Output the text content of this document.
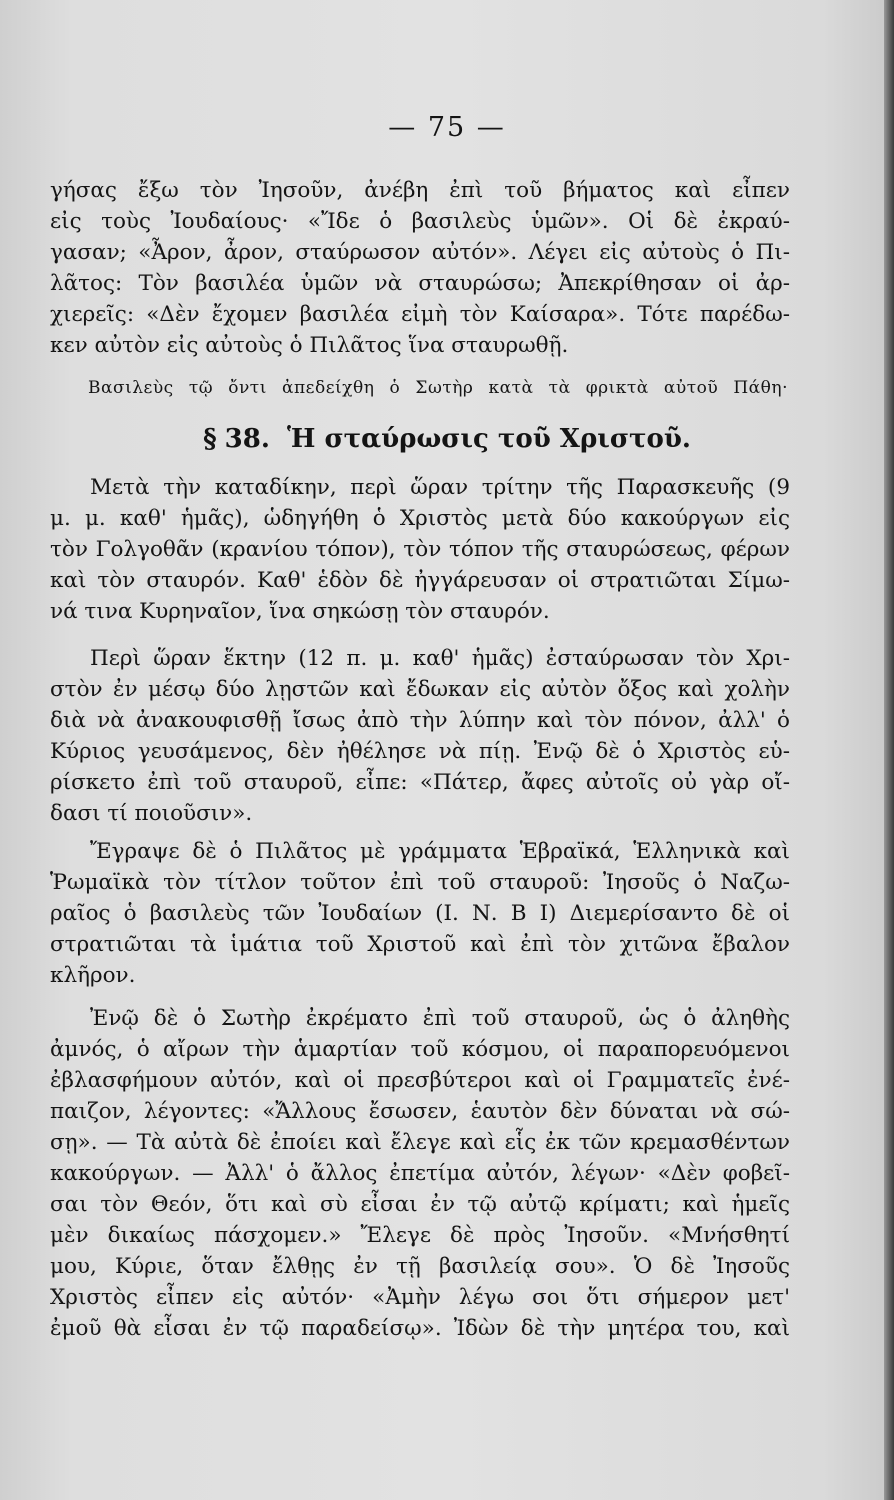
— 75 —
γήσας ἔξω τὸν Ἰησοῦν, ἀνέβη ἐπὶ τοῦ βήματος καὶ εἶπεν
εἰς τοὺς Ἰουδαίους· «Ἴδε ὁ βασιλεὺς ὑμῶν». Οἱ δὲ ἐκραύ-
γασαν; «Ἆρον, ἆρον, σταύρωσον αὐτόν». Λέγει εἰς αὐτοὺς ὁ Πι-
λᾶτος: Τὸν βασιλέα ὑμῶν νὰ σταυρώσω; Ἀπεκρίθησαν οἱ ἀρ-
χιερεῖς: «Δὲν ἔχομεν βασιλέα εἰμὴ τὸν Καίσαρα». Τότε παρέδω-
κεν αὐτὸν εἰς αὐτοὺς ὁ Πιλᾶτος ἵνα σταυρωθῇ.
Βασιλεὺς τῷ ὄντι ἀπεδείχθη ὁ Σωτὴρ κατὰ τὰ φρικτὰ αὐτοῦ Πάθη·
§ 38. Ἡ σταύρωσις τοῦ Χριστοῦ.
Μετὰ τὴν καταδίκην, περὶ ὥραν τρίτην τῆς Παρασκευῆς (9
μ. μ. καθ' ἡμᾶς), ὡδηγήθη ὁ Χριστὸς μετὰ δύο κακούργων εἰς
τὸν Γολγοθᾶν (κρανίου τόπον), τὸν τόπον τῆς σταυρώσεως, φέρων
καὶ τὸν σταυρόν. Καθ' ἑδὸν δὲ ἠγγάρευσαν οἱ στρατιῶται Σίμω-
νά τινα Κυρηναῖον, ἵνα σηκώσῃ τὸν σταυρόν.
Περὶ ὥραν ἕκτην (12 π. μ. καθ' ἡμᾶς) ἐσταύρωσαν τὸν Χρι-
στὸν ἐν μέσῳ δύο λῃστῶν καὶ ἔδωκαν εἰς αὐτὸν ὄξος καὶ χολὴν
διὰ νὰ ἀνακουφισθῇ ἴσως ἀπὸ τὴν λύπην καὶ τὸν πόνον, ἀλλ' ὁ
Κύριος γευσάμενος, δὲν ἠθέλησε νὰ πίῃ. Ἐνῷ δὲ ὁ Χριστὸς εὑ-
ρίσκετο ἐπὶ τοῦ σταυροῦ, εἶπε: «Πάτερ, ἄφες αὐτοῖς οὐ γὰρ οἴ-
δασι τί ποιοῦσιν».
Ἔγραψε δὲ ὁ Πιλᾶτος μὲ γράμματα Ἑβραϊκά, Ἑλληνικὰ καὶ
Ῥωμαϊκὰ τὸν τίτλον τοῦτον ἐπὶ τοῦ σταυροῦ: Ἰησοῦς ὁ Ναζω-
ραῖος ὁ βασιλεὺς τῶν Ἰουδαίων (Ι. Ν. Β Ι) Διεμερίσαντο δὲ οἱ
στρατιῶται τὰ ἱμάτια τοῦ Χριστοῦ καὶ ἐπὶ τὸν χιτῶνα ἔβαλον
κλῆρον.
Ἐνῷ δὲ ὁ Σωτὴρ ἐκρέματο ἐπὶ τοῦ σταυροῦ, ὡς ὁ ἀληθὴς
ἀμνός, ὁ αἴρων τὴν ἁμαρτίαν τοῦ κόσμου, οἱ παραπορευόμενοι
ἐβλασφήμουν αὐτόν, καὶ οἱ πρεσβύτεροι καὶ οἱ Γραμματεῖς ἐνέ-
παιζον, λέγοντες: «Ἄλλους ἔσωσεν, ἑαυτὸν δὲν δύναται νὰ σώ-
σῃ». — Τὰ αὐτὰ δὲ ἐποίει καὶ ἔλεγε καὶ εἷς ἐκ τῶν κρεμασθέντων
κακούργων. — Ἀλλ' ὁ ἄλλος ἐπετίμα αὐτόν, λέγων· «Δὲν φοβεῖ-
σαι τὸν Θεόν, ὅτι καὶ σὺ εἶσαι ἐν τῷ αὐτῷ κρίματι; καὶ ἡμεῖς
μὲν δικαίως πάσχομεν.» Ἔλεγε δὲ πρὸς Ἰησοῦν. «Μνήσθητί
μου, Κύριε, ὅταν ἔλθῃς ἐν τῇ βασιλείᾳ σου». Ὁ δὲ Ἰησοῦς
Χριστὸς εἶπεν εἰς αὐτόν· «Ἀμὴν λέγω σοι ὅτι σήμερον μετ'
ἐμοῦ θὰ εἶσαι ἐν τῷ παραδείσῳ». Ἰδὼν δὲ τὴν μητέρα του, καὶ
